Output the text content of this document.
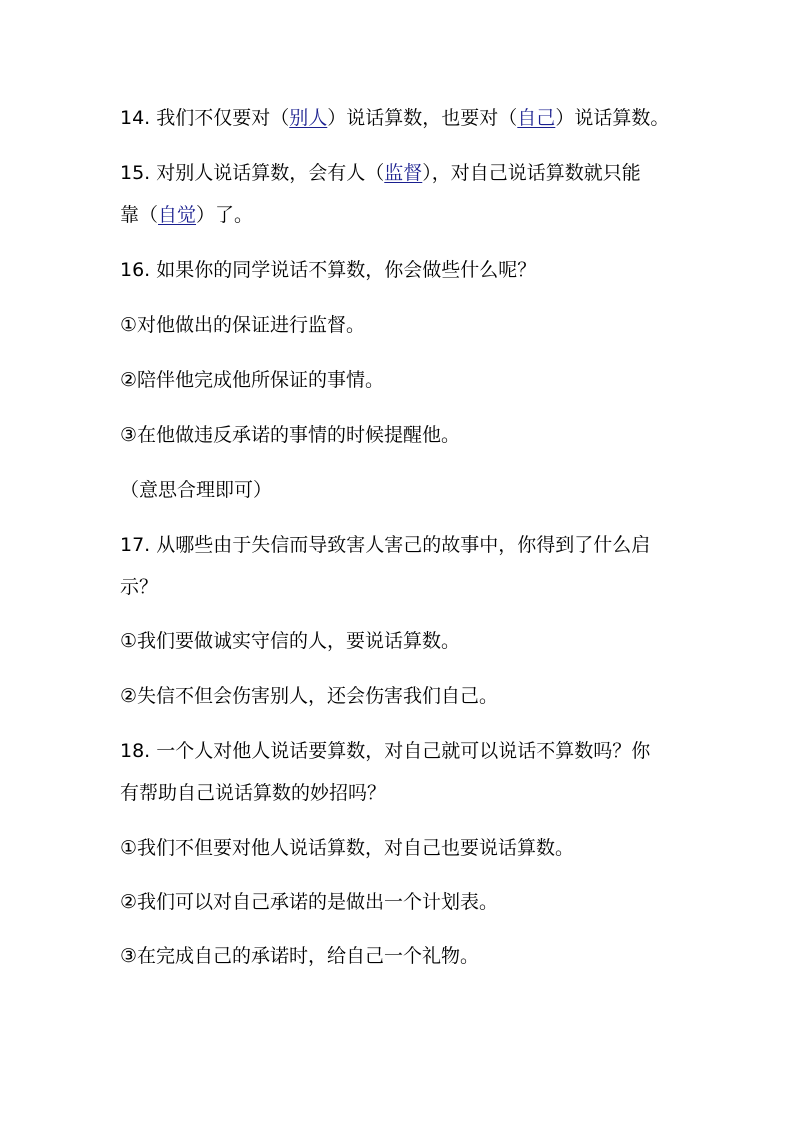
14. 我们不仅要对（别人）说话算数，也要对（自己）说话算数。
15. 对别人说话算数，会有人（监督），对自己说话算数就只能
靠（自觉）了。
16. 如果你的同学说话不算数，你会做些什么呢？
①对他做出的保证进行监督。
②陪伴他完成他所保证的事情。
③在他做违反承诺的事情的时候提醒他。
（意思合理即可）
17. 从哪些由于失信而导致害人害己的故事中，你得到了什么启
示？
①我们要做诚实守信的人，要说话算数。
②失信不但会伤害别人，还会伤害我们自己。
18. 一个人对他人说话要算数，对自己就可以说话不算数吗？你
有帮助自己说话算数的妙招吗？
①我们不但要对他人说话算数，对自己也要说话算数。
②我们可以对自己承诺的是做出一个计划表。
③在完成自己的承诺时，给自己一个礼物。
